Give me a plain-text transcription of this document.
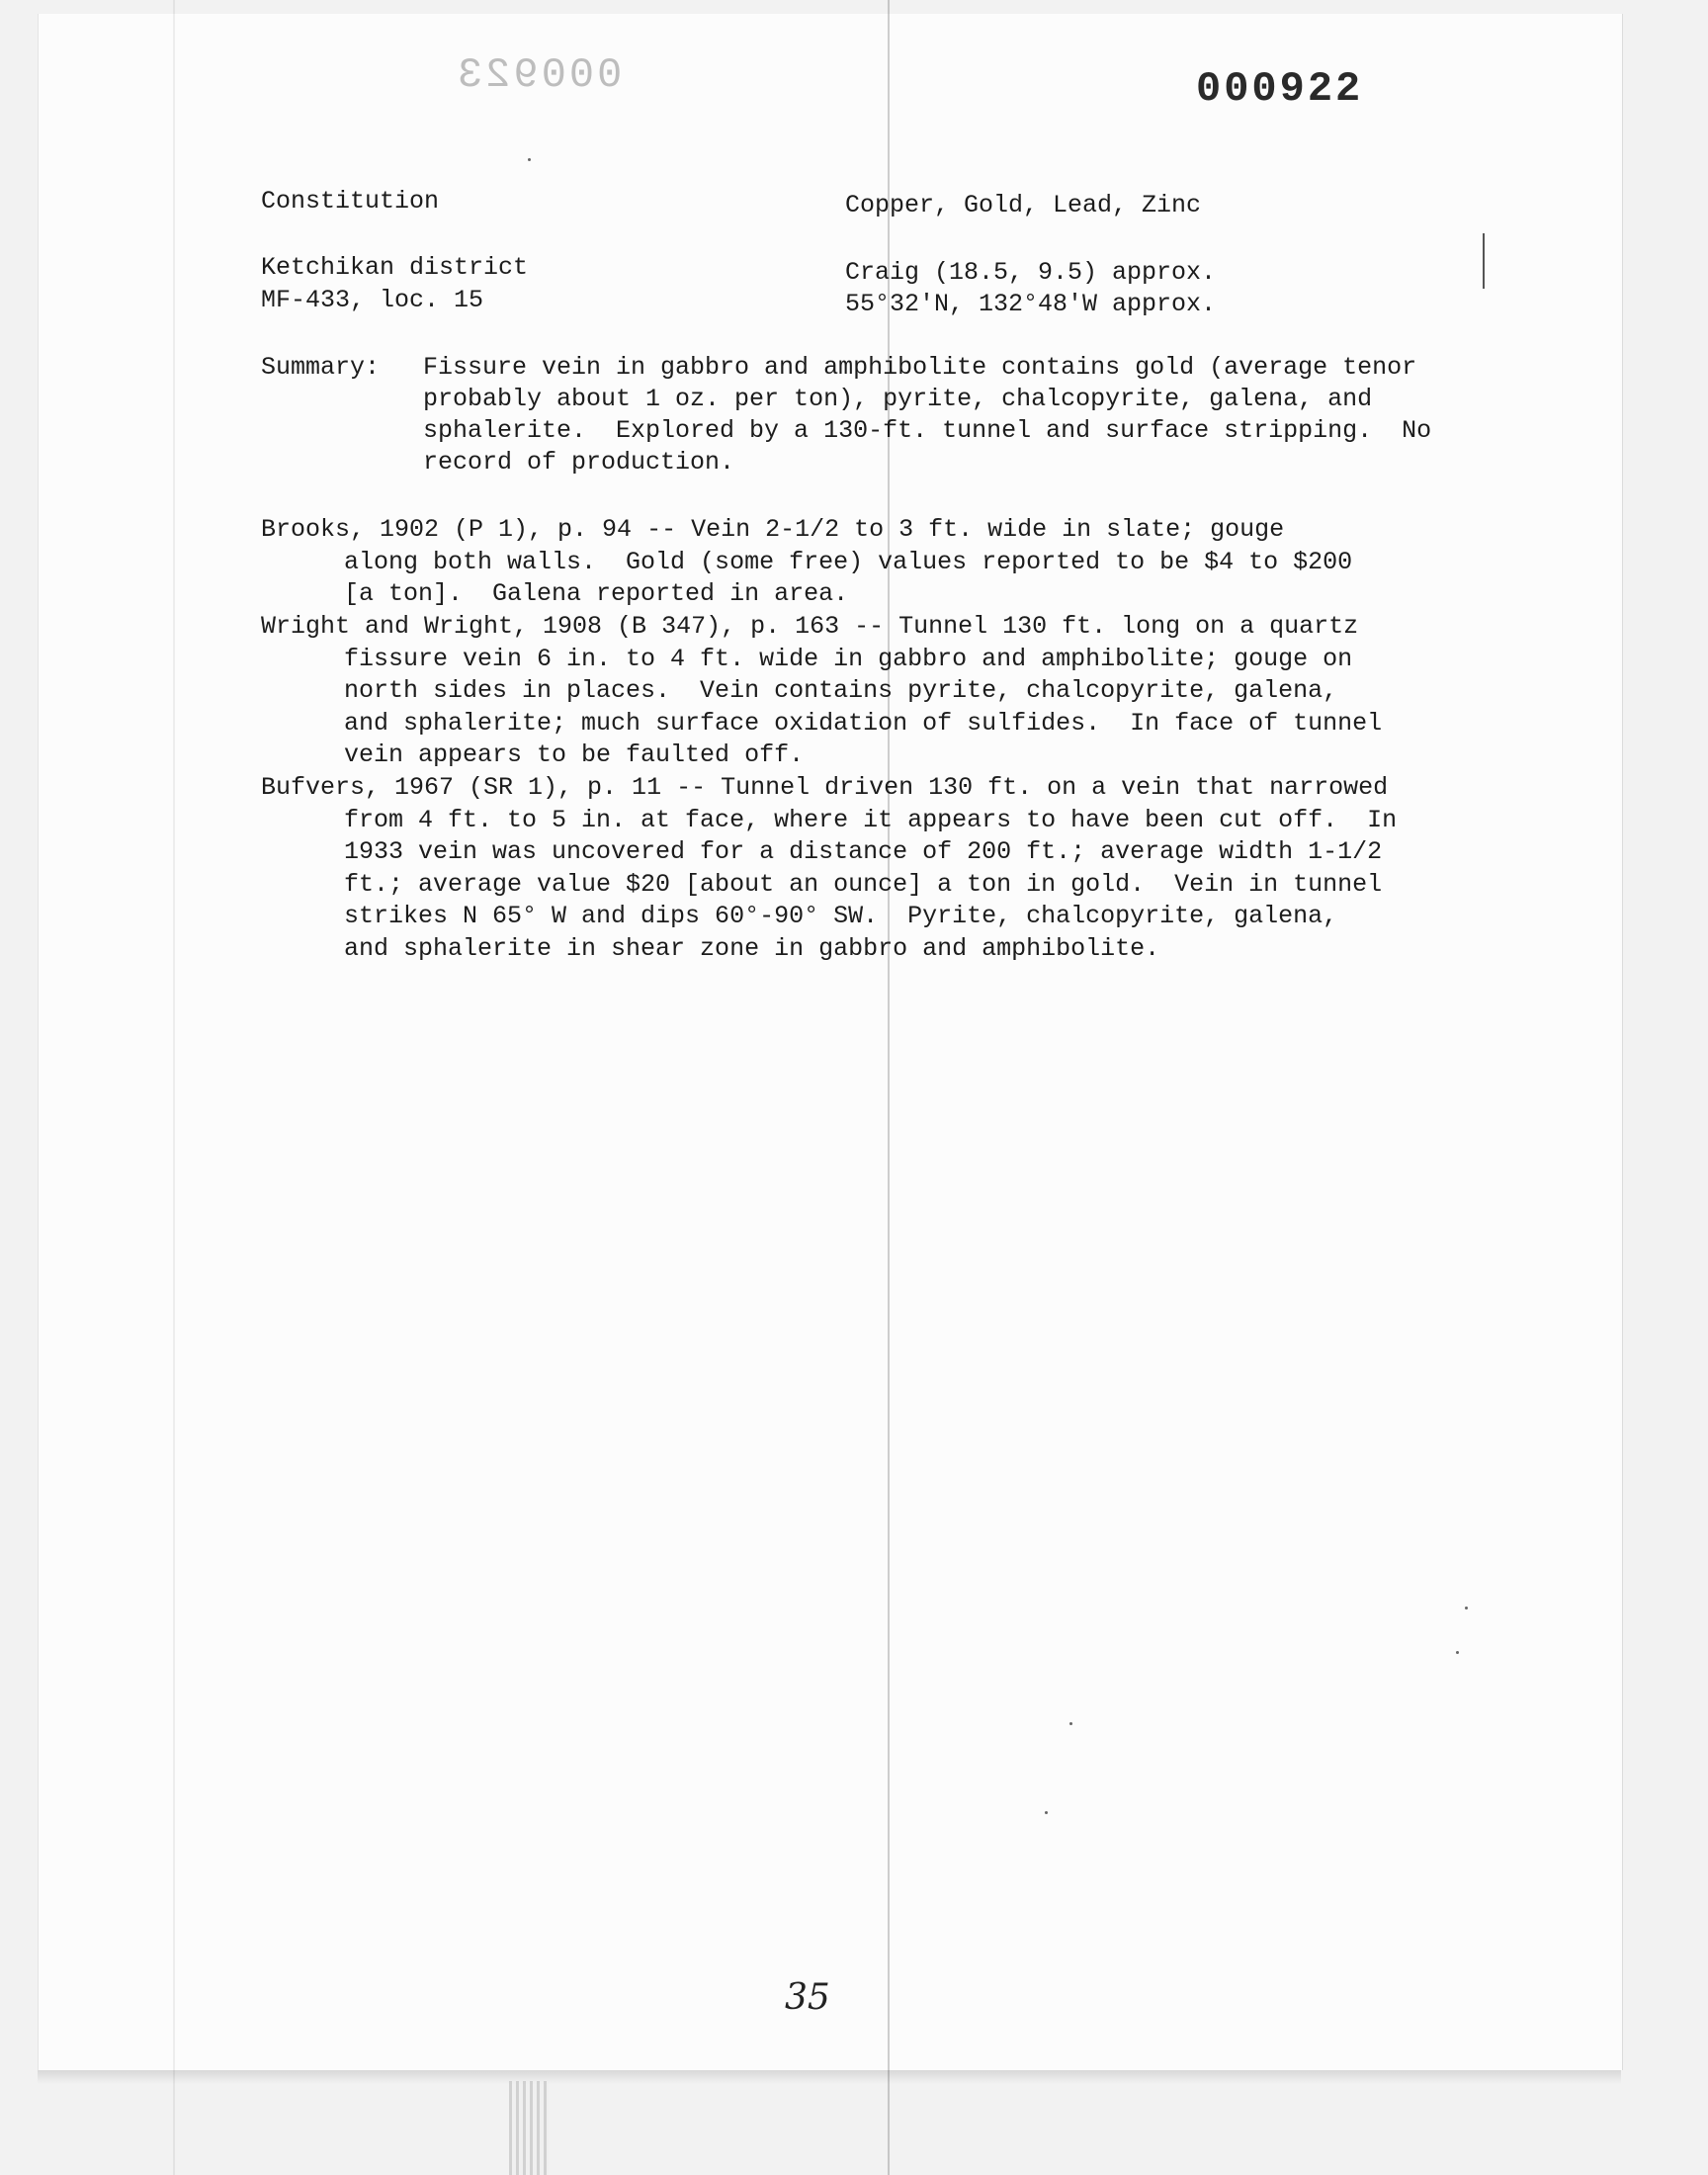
000923	000922
Constitution	Copper, Gold, Lead, Zinc
Ketchikan district	Craig (18.5, 9.5) approx.
MF-433, loc. 15	55°32'N, 132°48'W approx.
Summary: Fissure vein in gabbro and amphibolite contains gold (average tenor
probably about 1 oz. per ton), pyrite, chalcopyrite, galena, and
sphalerite.  Explored by a 130-ft. tunnel and surface stripping.  No
record of production.
Brooks, 1902 (P 1), p. 94 -- Vein 2-1/2 to 3 ft. wide in slate; gouge
along both walls.  Gold (some free) values reported to be $4 to $200
[a ton].  Galena reported in area.
Wright and Wright, 1908 (B 347), p. 163 -- Tunnel 130 ft. long on a quartz
fissure vein 6 in. to 4 ft. wide in gabbro and amphibolite; gouge on
north sides in places.  Vein contains pyrite, chalcopyrite, galena,
and sphalerite; much surface oxidation of sulfides.  In face of tunnel
vein appears to be faulted off.
Bufvers, 1967 (SR 1), p. 11 -- Tunnel driven 130 ft. on a vein that narrowed
from 4 ft. to 5 in. at face, where it appears to have been cut off.  In
1933 vein was uncovered for a distance of 200 ft.; average width 1-1/2
ft.; average value $20 [about an ounce] a ton in gold.  Vein in tunnel
strikes N 65° W and dips 60°-90° SW.  Pyrite, chalcopyrite, galena,
and sphalerite in shear zone in gabbro and amphibolite.
35
